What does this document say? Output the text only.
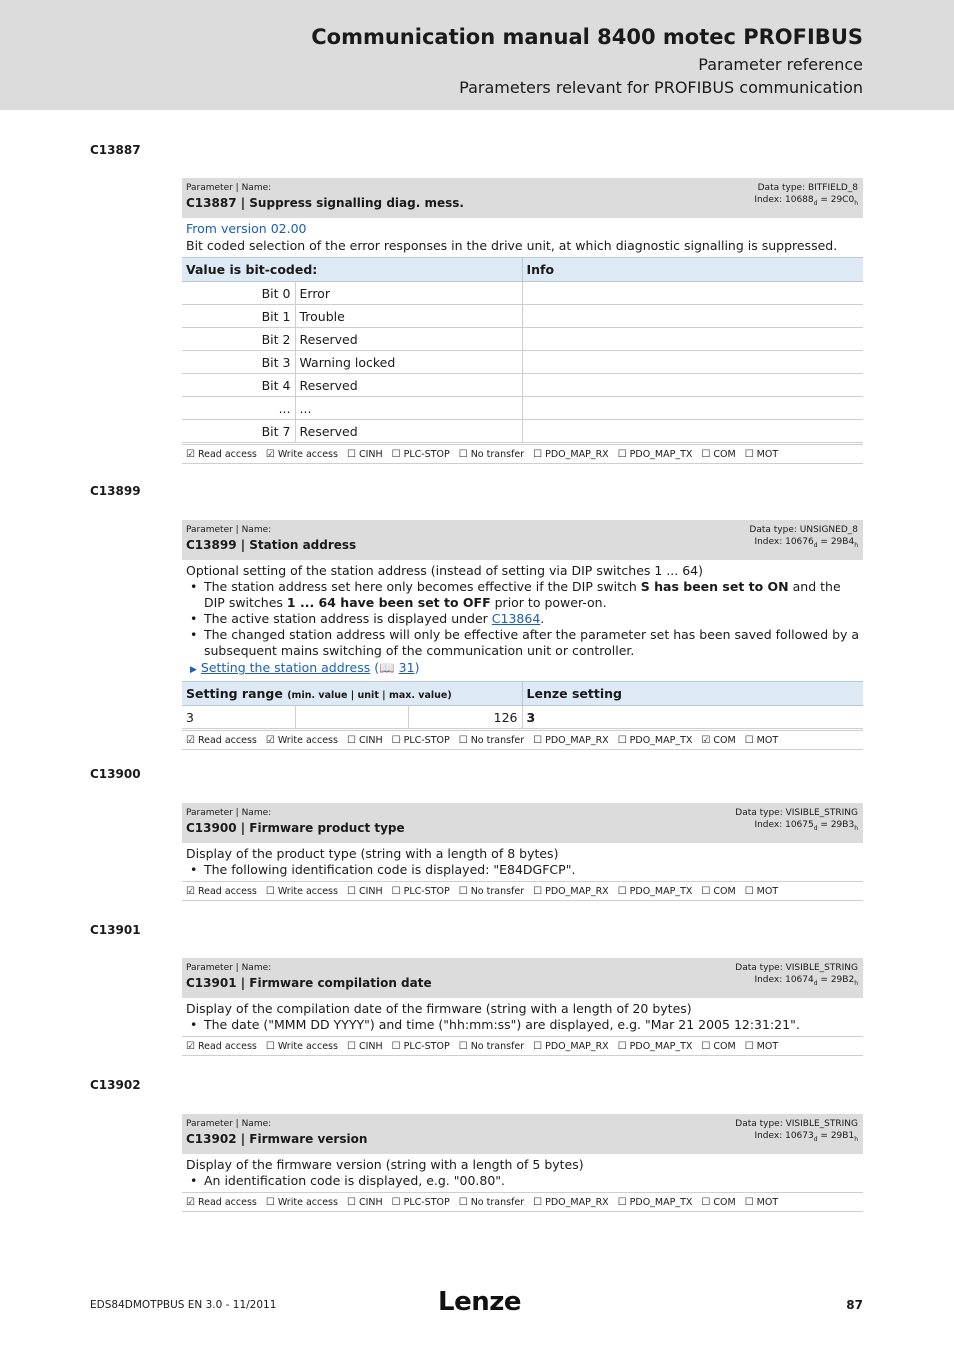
Communication manual 8400 motec PROFIBUS
Parameter reference
Parameters relevant for PROFIBUS communication
C13887
Parameter | Name:
C13887 | Suppress signalling diag. mess.
Data type: BITFIELD_8
Index: $10688_d = 29C0_h$
From version 02.00
Bit coded selection of the error responses in the drive unit, at which diagnostic signalling is suppressed.
Value is bit-coded:		Info
Bit 0	Error	
Bit 1	Trouble	
Bit 2	Reserved	
Bit 3	Warning locked	
Bit 4	Reserved	
...	...	
Bit 7	Reserved	
☑ Read access ☑ Write access ☐ CINH ☐ PLC-STOP ☐ No transfer ☐ PDO_MAP_RX ☐ PDO_MAP_TX ☐ COM ☐ MOT
C13899
Parameter | Name:
C13899 | Station address
Data type: UNSIGNED_8
Index: $10676_d = 29B4_h$
Optional setting of the station address (instead of setting via DIP switches 1 ... 64)
• The station address set here only becomes effective if the DIP switch S has been set to ON and the DIP switches 1 ... 64 have been set to OFF prior to power-on.
• The active station address is displayed under C13864.
• The changed station address will only be effective after the parameter set has been saved followed by a subsequent mains switching of the communication unit or controller.
▶ Setting the station address (📖 31)
Setting range (min. value | unit | max. value)			Lenze setting
3		126	3
☑ Read access ☑ Write access ☐ CINH ☐ PLC-STOP ☐ No transfer ☐ PDO_MAP_RX ☐ PDO_MAP_TX ☑ COM ☐ MOT
C13900
Parameter | Name:
C13900 | Firmware product type
Data type: VISIBLE_STRING
Index: $10675_d = 29B3_h$
Display of the product type (string with a length of 8 bytes)
• The following identification code is displayed: "E84DGFCP".
☑ Read access ☐ Write access ☐ CINH ☐ PLC-STOP ☐ No transfer ☐ PDO_MAP_RX ☐ PDO_MAP_TX ☐ COM ☐ MOT
C13901
Parameter | Name:
C13901 | Firmware compilation date
Data type: VISIBLE_STRING
Index: $10674_d = 29B2_h$
Display of the compilation date of the firmware (string with a length of 20 bytes)
• The date ("MMM DD YYYY") and time ("hh:mm:ss") are displayed, e.g. "Mar 21 2005 12:31:21".
☑ Read access ☐ Write access ☐ CINH ☐ PLC-STOP ☐ No transfer ☐ PDO_MAP_RX ☐ PDO_MAP_TX ☐ COM ☐ MOT
C13902
Parameter | Name:
C13902 | Firmware version
Data type: VISIBLE_STRING
Index: $10673_d = 29B1_h$
Display of the firmware version (string with a length of 5 bytes)
• An identification code is displayed, e.g. "00.80".
☑ Read access ☐ Write access ☐ CINH ☐ PLC-STOP ☐ No transfer ☐ PDO_MAP_RX ☐ PDO_MAP_TX ☐ COM ☐ MOT
EDS84DMOTPBUS EN 3.0 - 11/2011	Lenze	87
